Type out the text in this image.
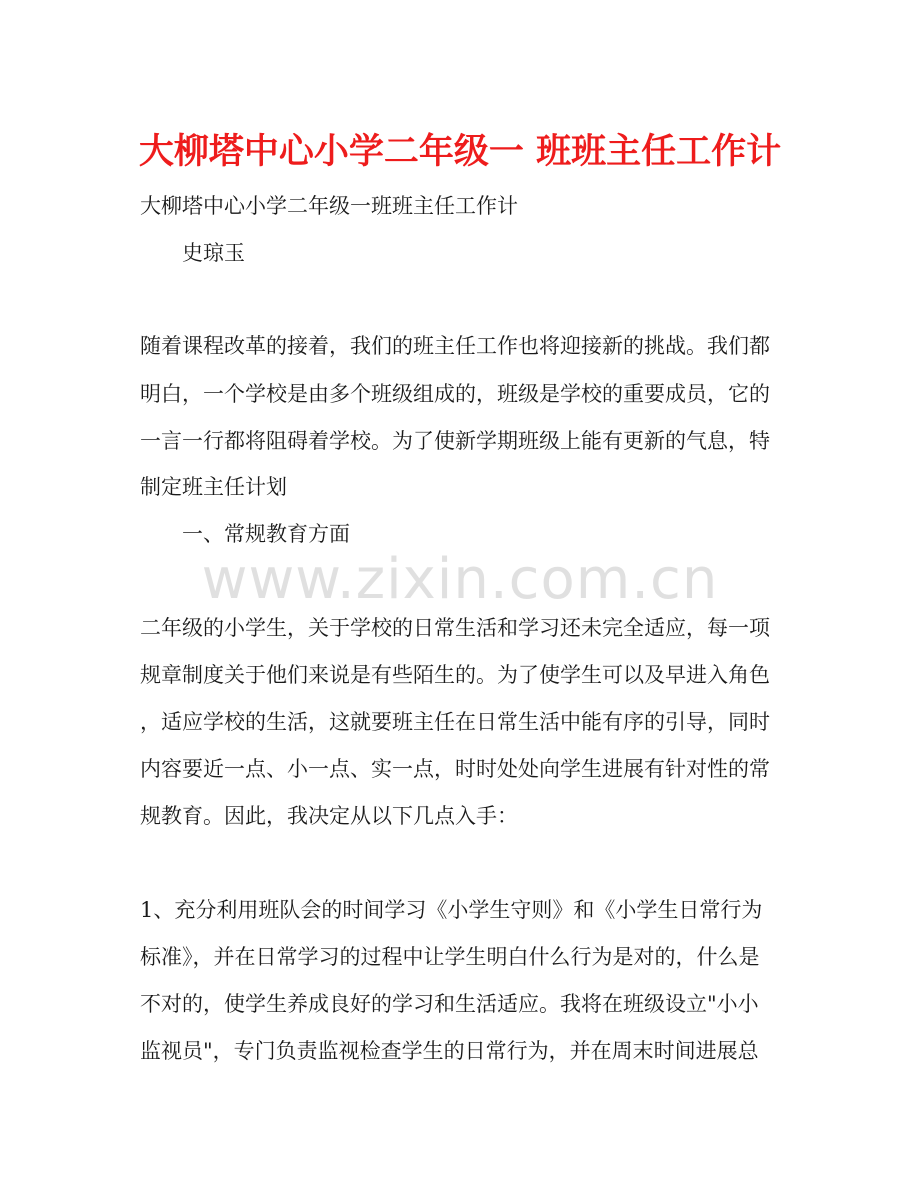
大柳塔中心小学二年级一 班班主任工作计

大柳塔中心小学二年级一班班主任工作计

史琼玉

随着课程改革的接着，我们的班主任工作也将迎接新的挑战。我们都

明白，一个学校是由多个班级组成的，班级是学校的重要成员，它的

一言一行都将阻碍着学校。为了使新学期班级上能有更新的气息，特

制定班主任计划

一、常规教育方面

www.zixin.com.cn

二年级的小学生，关于学校的日常生活和学习还未完全适应，每一项

规章制度关于他们来说是有些陌生的。为了使学生可以及早进入角色

，适应学校的生活，这就要班主任在日常生活中能有序的引导，同时

内容要近一点、小一点、实一点，时时处处向学生进展有针对性的常

规教育。因此，我决定从以下几点入手：

1、充分利用班队会的时间学习《小学生守则》和《小学生日常行为

标准》，并在日常学习的过程中让学生明白什么行为是对的，什么是

不对的，使学生养成良好的学习和生活适应。我将在班级设立"小小

监视员"，专门负责监视检查学生的日常行为，并在周末时间进展总
